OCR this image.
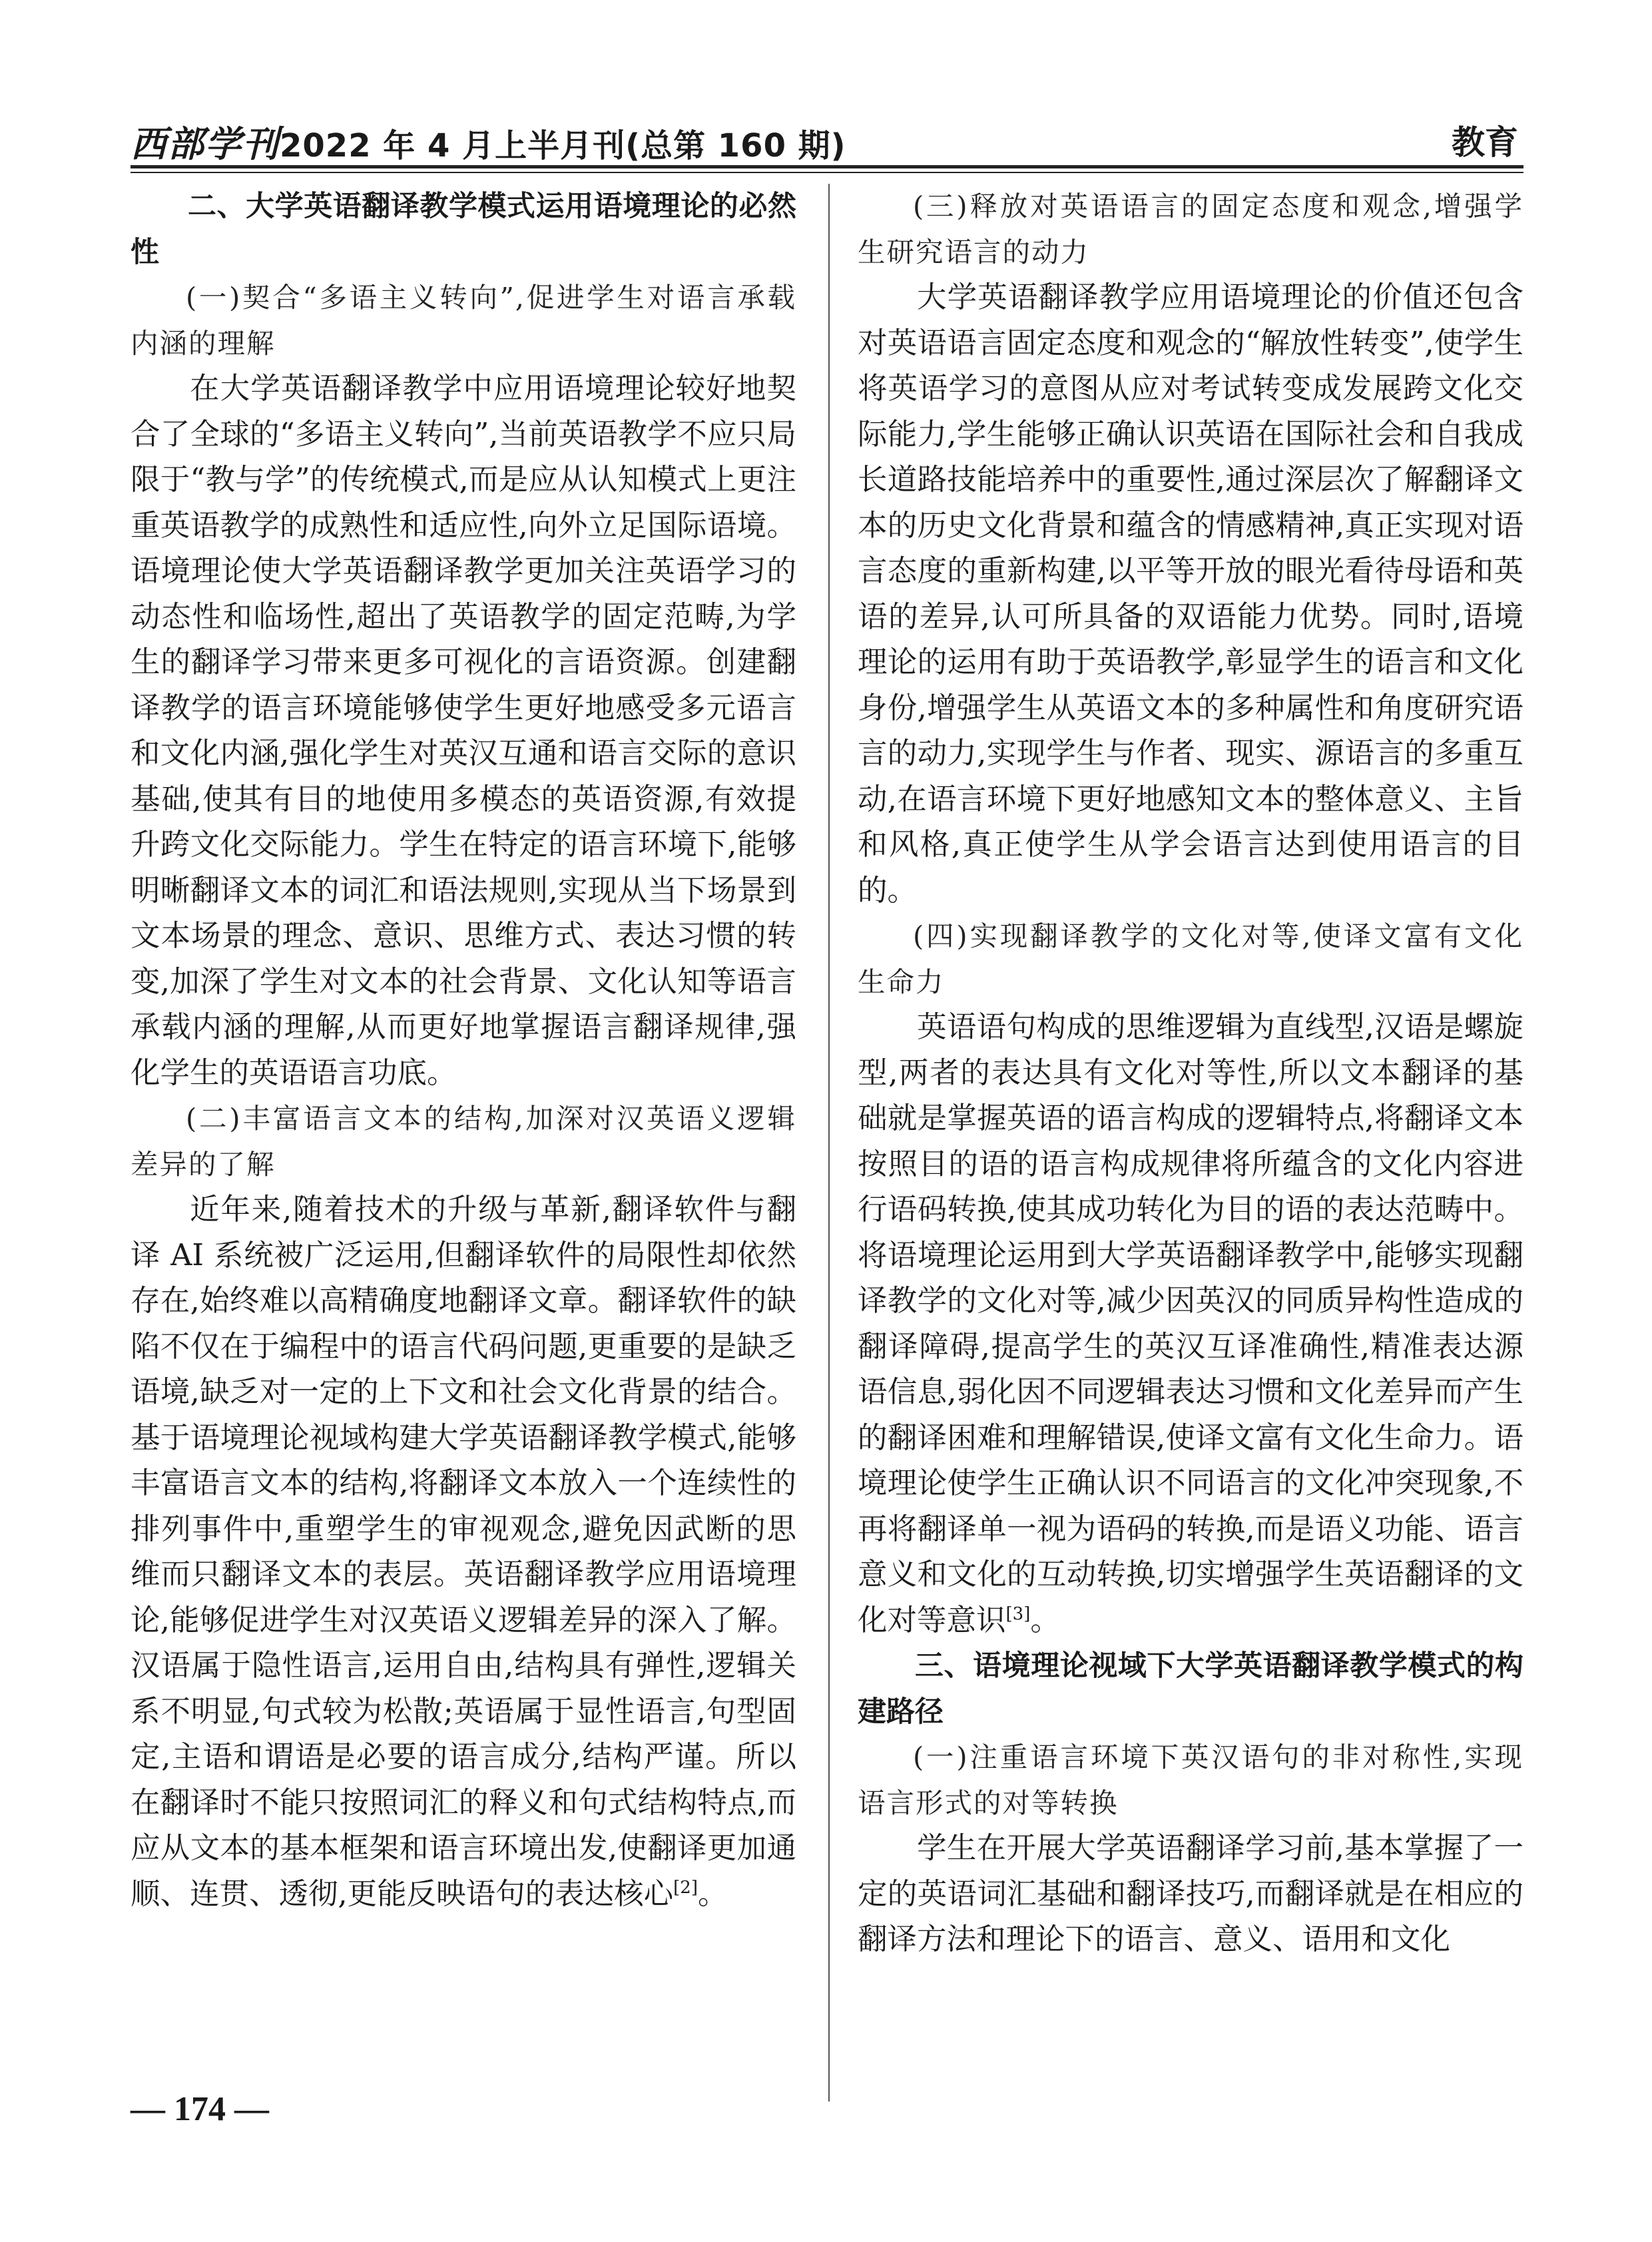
西部学刊2022 年 4 月上半月刊(总第 160 期)	教育

二、大学英语翻译教学模式运用语境理论的必然性

(一)契合“多语主义转向”,促进学生对语言承载内涵的理解

在大学英语翻译教学中应用语境理论较好地契合了全球的“多语主义转向”,当前英语教学不应只局限于“教与学”的传统模式,而是应从认知模式上更注重英语教学的成熟性和适应性,向外立足国际语境。语境理论使大学英语翻译教学更加关注英语学习的动态性和临场性,超出了英语教学的固定范畴,为学生的翻译学习带来更多可视化的言语资源。创建翻译教学的语言环境能够使学生更好地感受多元语言和文化内涵,强化学生对英汉互通和语言交际的意识基础,使其有目的地使用多模态的英语资源,有效提升跨文化交际能力。学生在特定的语言环境下,能够明晰翻译文本的词汇和语法规则,实现从当下场景到文本场景的理念、意识、思维方式、表达习惯的转变,加深了学生对文本的社会背景、文化认知等语言承载内涵的理解,从而更好地掌握语言翻译规律,强化学生的英语语言功底。

(二)丰富语言文本的结构,加深对汉英语义逻辑差异的了解

近年来,随着技术的升级与革新,翻译软件与翻译 AI 系统被广泛运用,但翻译软件的局限性却依然存在,始终难以高精确度地翻译文章。翻译软件的缺陷不仅在于编程中的语言代码问题,更重要的是缺乏语境,缺乏对一定的上下文和社会文化背景的结合。基于语境理论视域构建大学英语翻译教学模式,能够丰富语言文本的结构,将翻译文本放入一个连续性的排列事件中,重塑学生的审视观念,避免因武断的思维而只翻译文本的表层。英语翻译教学应用语境理论,能够促进学生对汉英语义逻辑差异的深入了解。汉语属于隐性语言,运用自由,结构具有弹性,逻辑关系不明显,句式较为松散;英语属于显性语言,句型固定,主语和谓语是必要的语言成分,结构严谨。所以在翻译时不能只按照词汇的释义和句式结构特点,而应从文本的基本框架和语言环境出发,使翻译更加通顺、连贯、透彻,更能反映语句的表达核心[2]。

(三)释放对英语语言的固定态度和观念,增强学生研究语言的动力

大学英语翻译教学应用语境理论的价值还包含对英语语言固定态度和观念的“解放性转变”,使学生将英语学习的意图从应对考试转变成发展跨文化交际能力,学生能够正确认识英语在国际社会和自我成长道路技能培养中的重要性,通过深层次了解翻译文本的历史文化背景和蕴含的情感精神,真正实现对语言态度的重新构建,以平等开放的眼光看待母语和英语的差异,认可所具备的双语能力优势。同时,语境理论的运用有助于英语教学,彰显学生的语言和文化身份,增强学生从英语文本的多种属性和角度研究语言的动力,实现学生与作者、现实、源语言的多重互动,在语言环境下更好地感知文本的整体意义、主旨和风格,真正使学生从学会语言达到使用语言的目的。

(四)实现翻译教学的文化对等,使译文富有文化生命力

英语语句构成的思维逻辑为直线型,汉语是螺旋型,两者的表达具有文化对等性,所以文本翻译的基础就是掌握英语的语言构成的逻辑特点,将翻译文本按照目的语的语言构成规律将所蕴含的文化内容进行语码转换,使其成功转化为目的语的表达范畴中。将语境理论运用到大学英语翻译教学中,能够实现翻译教学的文化对等,减少因英汉的同质异构性造成的翻译障碍,提高学生的英汉互译准确性,精准表达源语信息,弱化因不同逻辑表达习惯和文化差异而产生的翻译困难和理解错误,使译文富有文化生命力。语境理论使学生正确认识不同语言的文化冲突现象,不再将翻译单一视为语码的转换,而是语义功能、语言意义和文化的互动转换,切实增强学生英语翻译的文化对等意识[3]。

三、语境理论视域下大学英语翻译教学模式的构建路径

(一)注重语言环境下英汉语句的非对称性,实现语言形式的对等转换

学生在开展大学英语翻译学习前,基本掌握了一定的英语词汇基础和翻译技巧,而翻译就是在相应的翻译方法和理论下的语言、意义、语用和文化

— 174 —
